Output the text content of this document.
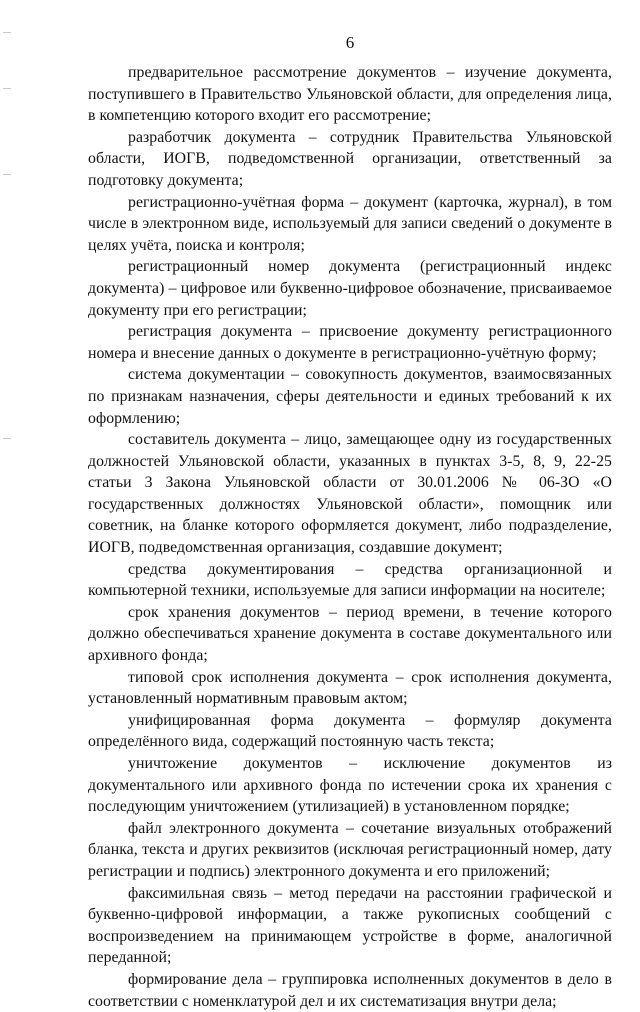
6

предварительное рассмотрение документов – изучение документа, поступившего в Правительство Ульяновской области, для определения лица, в компетенцию которого входит его рассмотрение;

разработчик документа – сотрудник Правительства Ульяновской области, ИОГВ, подведомственной организации, ответственный за подготовку документа;

регистрационно-учётная форма – документ (карточка, журнал), в том числе в электронном виде, используемый для записи сведений о документе в целях учёта, поиска и контроля;

регистрационный номер документа (регистрационный индекс документа) – цифровое или буквенно-цифровое обозначение, присваиваемое документу при его регистрации;

регистрация документа – присвоение документу регистрационного номера и внесение данных о документе в регистрационно-учётную форму;

система документации – совокупность документов, взаимосвязанных по признакам назначения, сферы деятельности и единых требований к их оформлению;

составитель документа – лицо, замещающее одну из государственных должностей Ульяновской области, указанных в пунктах 3-5, 8, 9, 22-25 статьи 3 Закона Ульяновской области от 30.01.2006 № 06-ЗО «О государственных должностях Ульяновской области», помощник или советник, на бланке которого оформляется документ, либо подразделение, ИОГВ, подведомственная организация, создавшие документ;

средства документирования – средства организационной и компьютерной техники, используемые для записи информации на носителе;

срок хранения документов – период времени, в течение которого должно обеспечиваться хранение документа в составе документального или архивного фонда;

типовой срок исполнения документа – срок исполнения документа, установленный нормативным правовым актом;

унифицированная форма документа – формуляр документа определённого вида, содержащий постоянную часть текста;

уничтожение документов – исключение документов из документального или архивного фонда по истечении срока их хранения с последующим уничтожением (утилизацией) в установленном порядке;

файл электронного документа – сочетание визуальных отображений бланка, текста и других реквизитов (исключая регистрационный номер, дату регистрации и подпись) электронного документа и его приложений;

факсимильная связь – метод передачи на расстоянии графической и буквенно-цифровой информации, а также рукописных сообщений с воспроизведением на принимающем устройстве в форме, аналогичной переданной;

формирование дела – группировка исполненных документов в дело в соответствии с номенклатурой дел и их систематизация внутри дела;
